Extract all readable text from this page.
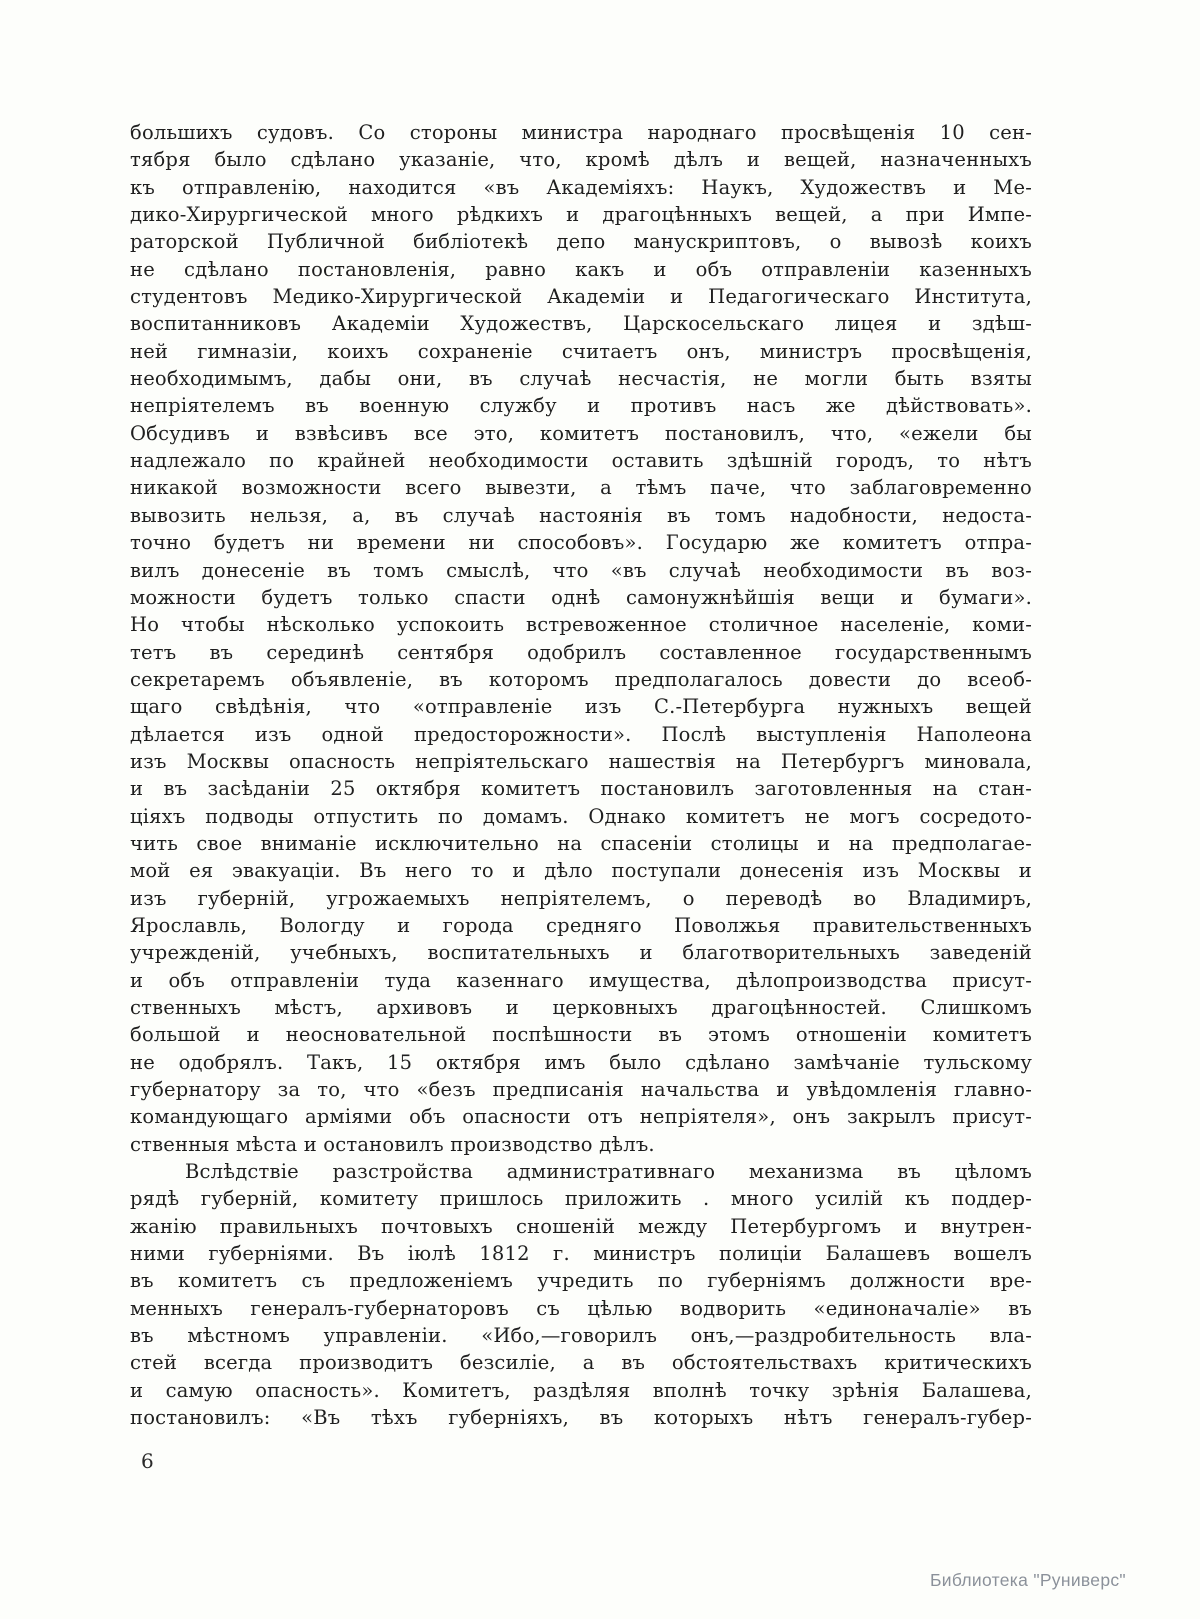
большихъ судовъ. Со стороны министра народнаго просвѣщенія 10 сен-
тября было сдѣлано указаніе, что, кромѣ дѣлъ и вещей, назначенныхъ
къ отправленію, находится «въ Академіяхъ: Наукъ, Художествъ и Ме-
дико-Хирургической много рѣдкихъ и драгоцѣнныхъ вещей, а при Импе-
раторской Публичной библіотекѣ депо манускриптовъ, о вывозѣ коихъ
не сдѣлано постановленія, равно какъ и объ отправленіи казенныхъ
студентовъ Медико-Хирургической Академіи и Педагогическаго Института,
воспитанниковъ Академіи Художествъ, Царскосельскаго лицея и здѣш-
ней гимназіи, коихъ сохраненіе считаетъ онъ, министръ просвѣщенія,
необходимымъ, дабы они, въ случаѣ несчастія, не могли быть взяты
непріятелемъ въ военную службу и противъ насъ же дѣйствовать».
Обсудивъ и взвѣсивъ все это, комитетъ постановилъ, что, «ежели бы
надлежало по крайней необходимости оставить здѣшній городъ, то нѣтъ
никакой возможности всего вывезти, а тѣмъ паче, что заблаговременно
вывозить нельзя, а, въ случаѣ настоянія въ томъ надобности, недоста-
точно будетъ ни времени ни способовъ». Государю же комитетъ отпра-
вилъ донесеніе въ томъ смыслѣ, что «въ случаѣ необходимости въ воз-
можности будетъ только спасти однѣ самонужнѣйшія вещи и бумаги».
Но чтобы нѣсколько успокоить встревоженное столичное населеніе, коми-
тетъ въ серединѣ сентября одобрилъ составленное государственнымъ
секретаремъ объявленіе, въ которомъ предполагалось довести до всеоб-
щаго свѣдѣнія, что «отправленіе изъ С.-Петербурга нужныхъ вещей
дѣлается изъ одной предосторожности». Послѣ выступленія Наполеона
изъ Москвы опасность непріятельскаго нашествія на Петербургъ миновала,
и въ засѣданіи 25 октября комитетъ постановилъ заготовленныя на стан-
ціяхъ подводы отпустить по домамъ. Однако комитетъ не могъ сосредото-
чить свое вниманіе исключительно на спасеніи столицы и на предполагае-
мой ея эвакуаціи. Въ него то и дѣло поступали донесенія изъ Москвы и
изъ губерній, угрожаемыхъ непріятелемъ, о переводѣ во Владимиръ,
Ярославль, Вологду и города средняго Поволжья правительственныхъ
учрежденій, учебныхъ, воспитательныхъ и благотворительныхъ заведеній
и объ отправленіи туда казеннаго имущества, дѣлопроизводства присут-
ственныхъ мѣстъ, архивовъ и церковныхъ драгоцѣнностей. Слишкомъ
большой и неосновательной поспѣшности въ этомъ отношеніи комитетъ
не одобрялъ. Такъ, 15 октября имъ было сдѣлано замѣчаніе тульскому
губернатору за то, что «безъ предписанія начальства и увѣдомленія главно-
командующаго арміями объ опасности отъ непріятеля», онъ закрылъ присут-
ственныя мѣста и остановилъ производство дѣлъ.
Вслѣдствіе разстройства административнаго механизма въ цѣломъ
рядѣ губерній, комитету пришлось приложить . много усилій къ поддер-
жанію правильныхъ почтовыхъ сношеній между Петербургомъ и внутрен-
ними губерніями. Въ іюлѣ 1812 г. министръ полиціи Балашевъ вошелъ
въ комитетъ съ предложеніемъ учредить по губерніямъ должности вре-
менныхъ генералъ-губернаторовъ съ цѣлью водворить «единоначаліе» въ
въ мѣстномъ управленіи. «Ибо,—говорилъ онъ,—раздробительность вла-
стей всегда производитъ безсиліе, а въ обстоятельствахъ критическихъ
и самую опасность». Комитетъ, раздѣляя вполнѣ точку зрѣнія Балашева,
постановилъ: «Въ тѣхъ губерніяхъ, въ которыхъ нѣтъ генералъ-губер-
6
Библиотека "Руниверс"
